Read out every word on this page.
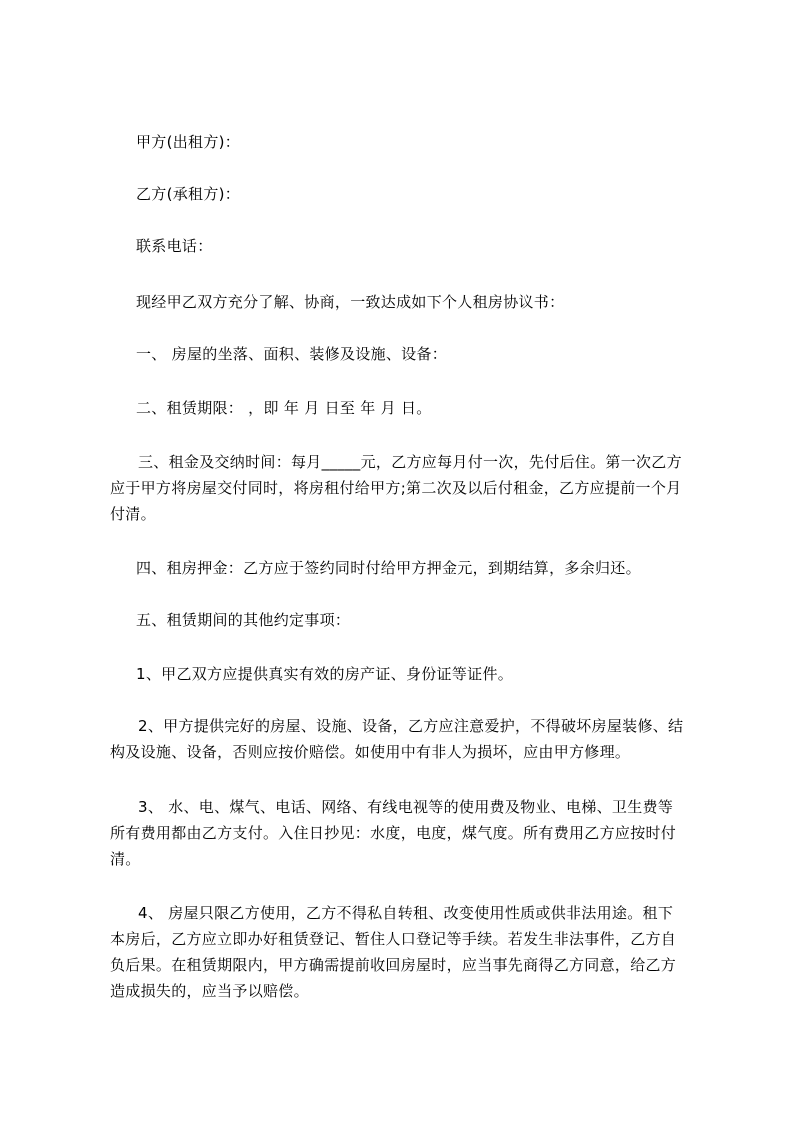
甲方(出租方)：

乙方(承租方)：

联系电话：

现经甲乙双方充分了解、协商，一致达成如下个人租房协议书：

一、 房屋的坐落、面积、装修及设施、设备：

二、租赁期限： ，即 年 月 日至 年 月 日。

三、租金及交纳时间：每月_____元，乙方应每月付一次，先付后住。第一次乙方应于甲方将房屋交付同时，将房租付给甲方;第二次及以后付租金，乙方应提前一个月付清。

四、租房押金：乙方应于签约同时付给甲方押金元，到期结算，多余归还。

五、租赁期间的其他约定事项：

1、甲乙双方应提供真实有效的房产证、身份证等证件。

2、甲方提供完好的房屋、设施、设备，乙方应注意爱护，不得破坏房屋装修、结构及设施、设备，否则应按价赔偿。如使用中有非人为损坏，应由甲方修理。

3、 水、电、煤气、电话、网络、有线电视等的使用费及物业、电梯、卫生费等 所有费用都由乙方支付。入住日抄见：水度，电度，煤气度。所有费用乙方应按时付清。

4、 房屋只限乙方使用，乙方不得私自转租、改变使用性质或供非法用途。租下本房后，乙方应立即办好租赁登记、暂住人口登记等手续。若发生非法事件，乙方自负后果。在租赁期限内，甲方确需提前收回房屋时，应当事先商得乙方同意，给乙方造成损失的，应当予以赔偿。
